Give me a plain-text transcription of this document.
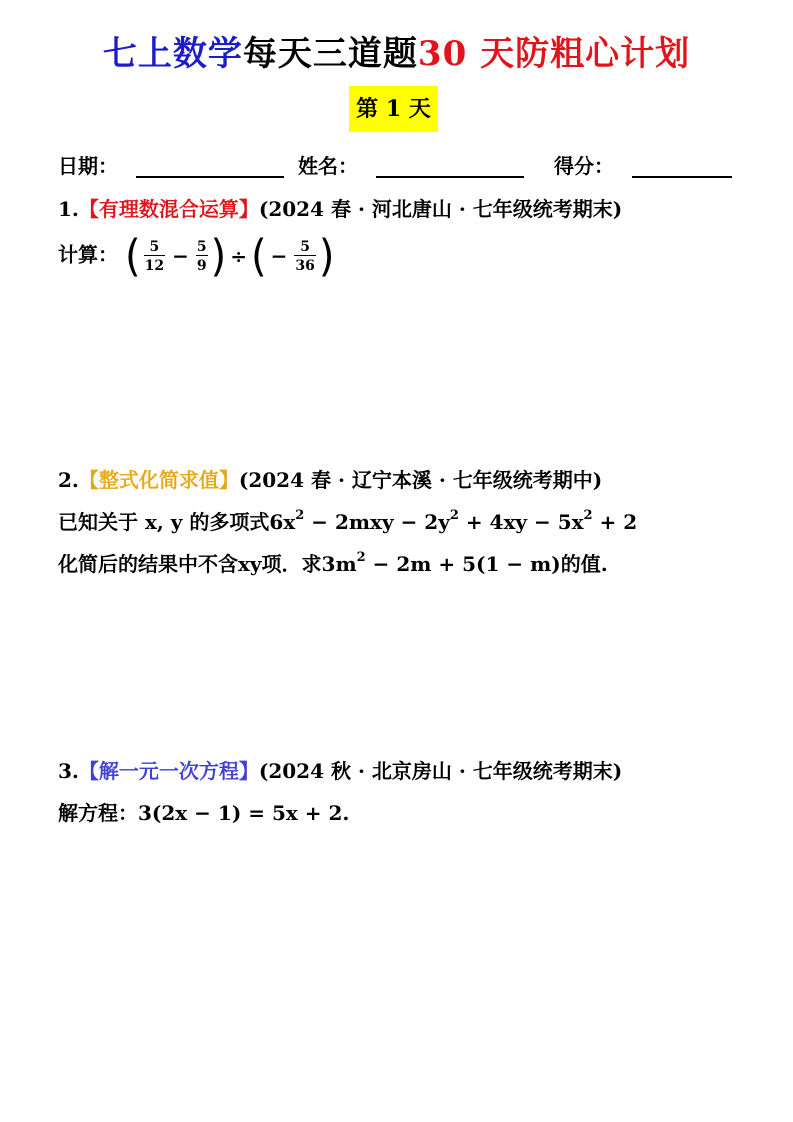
七上数学每天三道题30 天防粗心计划
第 1 天
日期：	姓名：	得分：
1.【有理数混合运算】(2024 春 · 河北唐山 · 七年级统考期末)
计算： ( $\frac{5}{12} - \frac{5}{9}$ ) ÷ ( − $\frac{5}{36}$ )
2.【整式化简求值】(2024 春 · 辽宁本溪 · 七年级统考期中)
已知关于 x, y 的多项式$6x^2 - 2mxy - 2y^2 + 4xy - 5x^2 + 2$
化简后的结果中不含xy项．求$3m^2 - 2m + 5(1 - m)$的值.
3.【解一元一次方程】(2024 秋 · 北京房山 · 七年级统考期末)
解方程：3(2x − 1) = 5x + 2.
